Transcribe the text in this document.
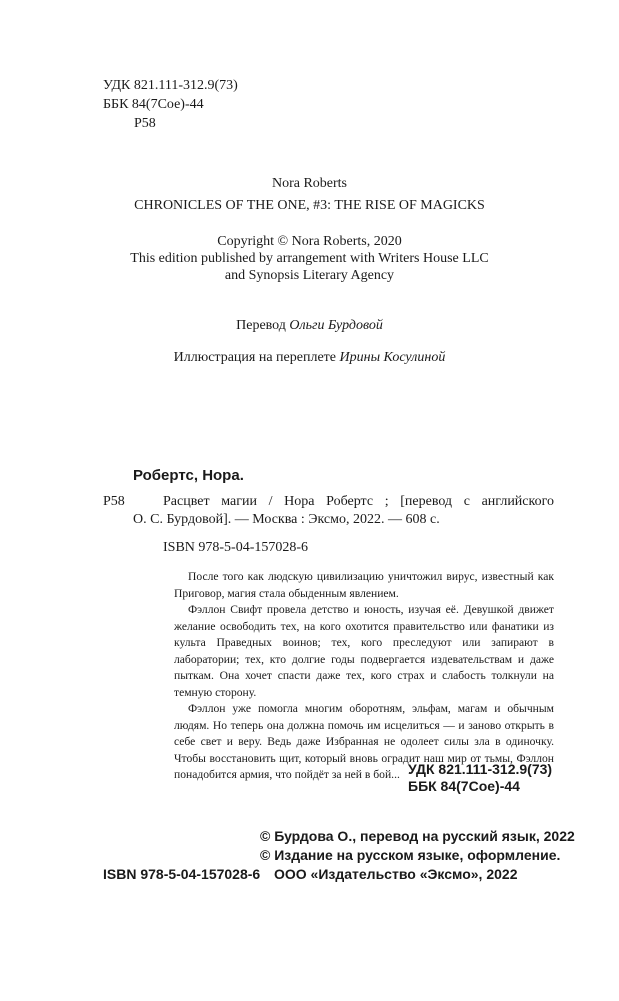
УДК 821.111-312.9(73)
ББК 84(7Сое)-44
Р58
Nora Roberts
CHRONICLES OF THE ONE, #3: THE RISE OF MAGICKS
Copyright © Nora Roberts, 2020
This edition published by arrangement with Writers House LLC
and Synopsis Literary Agency
Перевод Ольги Бурдовой
Иллюстрация на переплете Ирины Косулиной
Робертс, Нора.
Р58	Расцвет магии / Нора Робертс ; [перевод с английского
О. С. Бурдовой]. — Москва : Эксмо, 2022. — 608 с.
ISBN 978-5-04-157028-6

После того как людскую цивилизацию уничтожил вирус, известный как Приговор, магия стала обыденным явлением.

Фэллон Свифт провела детство и юность, изучая её. Девушкой движет желание освободить тех, на кого охотится правительство или фанатики из культа Праведных воинов; тех, кого преследуют или запирают в лаборатории; тех, кто долгие годы подвергается издевательствам и даже пыткам. Она хочет спасти даже тех, кого страх и слабость толкнули на темную сторону.

Фэллон уже помогла многим оборотням, эльфам, магам и обычным людям. Но теперь она должна помочь им исцелиться — и заново открыть в себе свет и веру. Ведь даже Избранная не одолеет силы зла в одиночку. Чтобы восстановить щит, который вновь оградит наш мир от тьмы, Фэллон понадобится армия, что пойдёт за ней в бой... УДК 821.111-312.9(73)
ББК 84(7Сое)-44
© Бурдова О., перевод на русский язык, 2022
© Издание на русском языке, оформление.
ООО «Издательство «Эксмо», 2022
ISBN 978-5-04-157028-6
